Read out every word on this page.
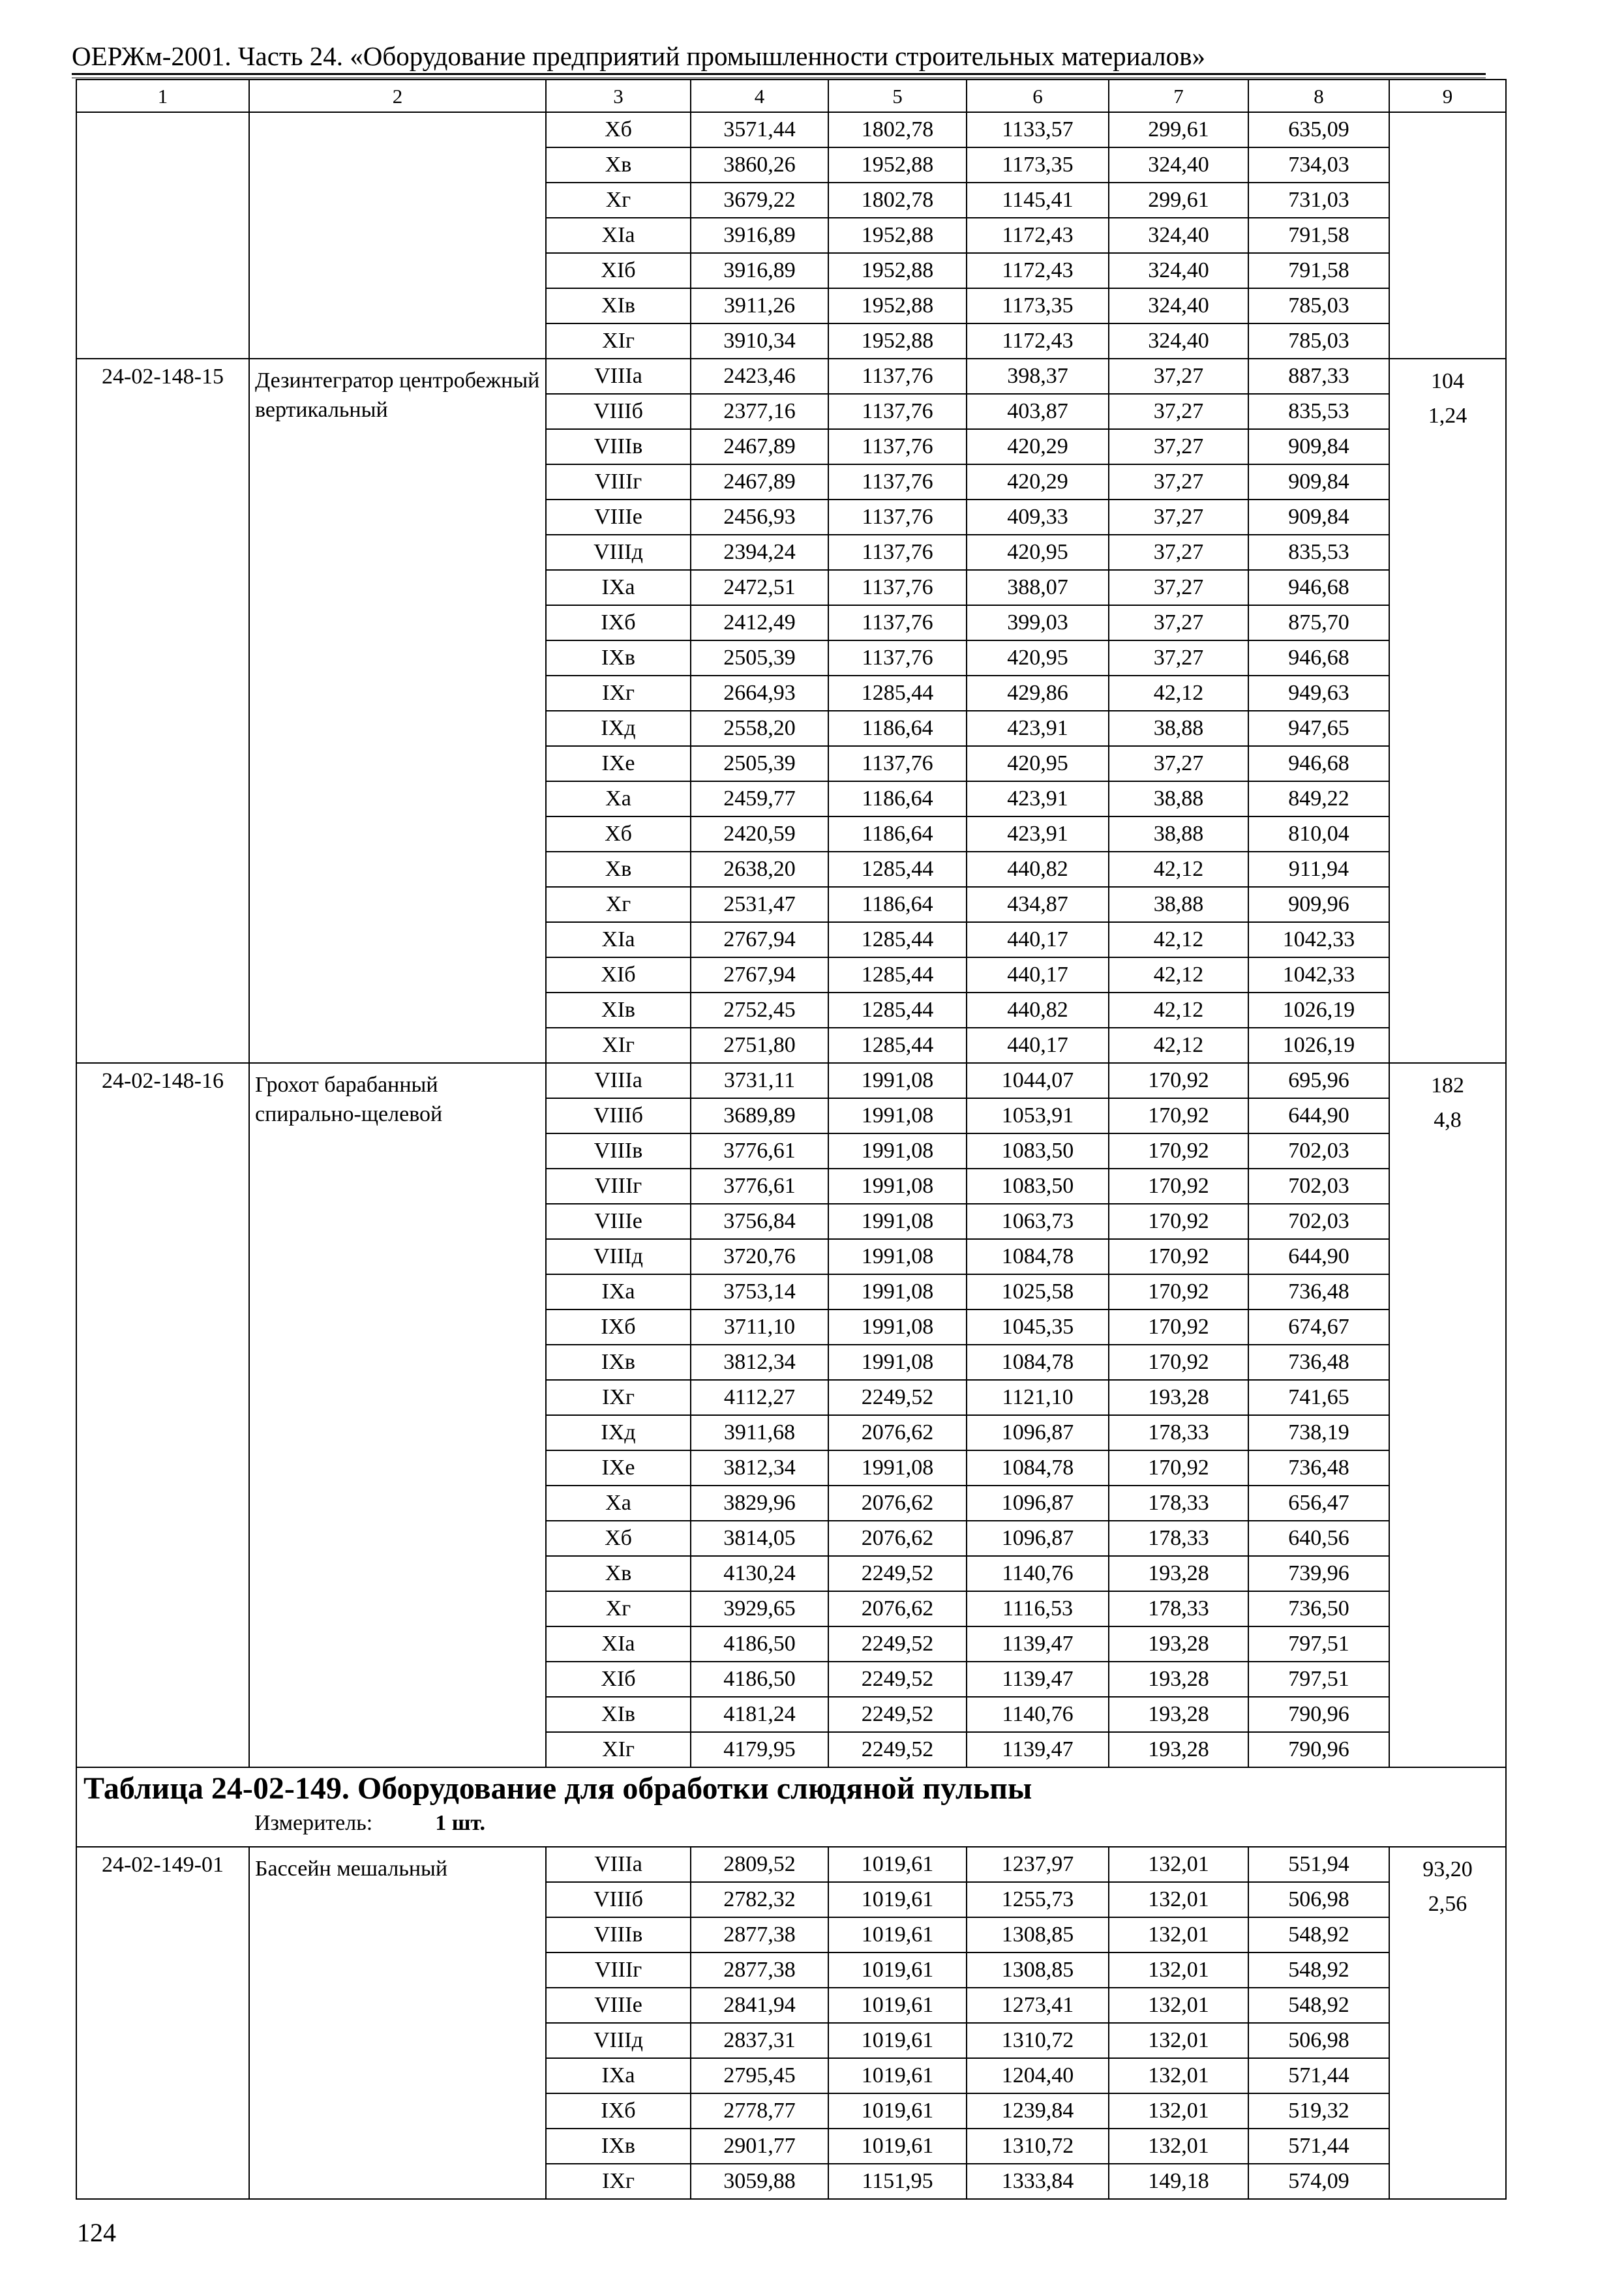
ОЕРЖм-2001. Часть 24. «Оборудование предприятий промышленности строительных материалов»
1	2	3	4	5	6	7	8	9
		Xб	3571,44	1802,78	1133,57	299,61	635,09	
		Xв	3860,26	1952,88	1173,35	324,40	734,03	
		Xг	3679,22	1802,78	1145,41	299,61	731,03	
		XIа	3916,89	1952,88	1172,43	324,40	791,58	
		XIб	3916,89	1952,88	1172,43	324,40	791,58	
		XIв	3911,26	1952,88	1173,35	324,40	785,03	
		XIг	3910,34	1952,88	1172,43	324,40	785,03	
24-02-148-15	Дезинтегратор центробежный вертикальный	VIIIа	2423,46	1137,76	398,37	37,27	887,33	104
1,24

		VIIIб	2377,16	1137,76	403,87	37,27	835,53	
		VIIIв	2467,89	1137,76	420,29	37,27	909,84	
		VIIIг	2467,89	1137,76	420,29	37,27	909,84	
		VIIIе	2456,93	1137,76	409,33	37,27	909,84	
		VIIIд	2394,24	1137,76	420,95	37,27	835,53	
		IXа	2472,51	1137,76	388,07	37,27	946,68	
		IXб	2412,49	1137,76	399,03	37,27	875,70	
		IXв	2505,39	1137,76	420,95	37,27	946,68	
		IXг	2664,93	1285,44	429,86	42,12	949,63	
		IXд	2558,20	1186,64	423,91	38,88	947,65	
		IXе	2505,39	1137,76	420,95	37,27	946,68	
		Xа	2459,77	1186,64	423,91	38,88	849,22	
		Xб	2420,59	1186,64	423,91	38,88	810,04	
		Xв	2638,20	1285,44	440,82	42,12	911,94	
		Xг	2531,47	1186,64	434,87	38,88	909,96	
		XIа	2767,94	1285,44	440,17	42,12	1042,33	
		XIб	2767,94	1285,44	440,17	42,12	1042,33	
		XIв	2752,45	1285,44	440,82	42,12	1026,19	
		XIг	2751,80	1285,44	440,17	42,12	1026,19	
24-02-148-16	Грохот барабанный спирально-щелевой	VIIIа	3731,11	1991,08	1044,07	170,92	695,96	182
4,8

		VIIIб	3689,89	1991,08	1053,91	170,92	644,90	
		VIIIв	3776,61	1991,08	1083,50	170,92	702,03	
		VIIIг	3776,61	1991,08	1083,50	170,92	702,03	
		VIIIе	3756,84	1991,08	1063,73	170,92	702,03	
		VIIIд	3720,76	1991,08	1084,78	170,92	644,90	
		IXа	3753,14	1991,08	1025,58	170,92	736,48	
		IXб	3711,10	1991,08	1045,35	170,92	674,67	
		IXв	3812,34	1991,08	1084,78	170,92	736,48	
		IXг	4112,27	2249,52	1121,10	193,28	741,65	
		IXд	3911,68	2076,62	1096,87	178,33	738,19	
		IXе	3812,34	1991,08	1084,78	170,92	736,48	
		Xа	3829,96	2076,62	1096,87	178,33	656,47	
		Xб	3814,05	2076,62	1096,87	178,33	640,56	
		Xв	4130,24	2249,52	1140,76	193,28	739,96	
		Xг	3929,65	2076,62	1116,53	178,33	736,50	
		XIа	4186,50	2249,52	1139,47	193,28	797,51	
		XIб	4186,50	2249,52	1139,47	193,28	797,51	
		XIв	4181,24	2249,52	1140,76	193,28	790,96	
		XIг	4179,95	2249,52	1139,47	193,28	790,96	

Таблица 24-02-149. Оборудование для обработки слюдяной пульпы
Измеритель: 1 шт.								

24-02-149-01	Бассейн мешальный	VIIIа	2809,52	1019,61	1237,97	132,01	551,94	93,20
2,56

		VIIIб	2782,32	1019,61	1255,73	132,01	506,98	
		VIIIв	2877,38	1019,61	1308,85	132,01	548,92	
		VIIIг	2877,38	1019,61	1308,85	132,01	548,92	
		VIIIе	2841,94	1019,61	1273,41	132,01	548,92	
		VIIIд	2837,31	1019,61	1310,72	132,01	506,98	
		IXа	2795,45	1019,61	1204,40	132,01	571,44	
		IXб	2778,77	1019,61	1239,84	132,01	519,32	
		IXв	2901,77	1019,61	1310,72	132,01	571,44	
		IXг	3059,88	1151,95	1333,84	149,18	574,09	
124
